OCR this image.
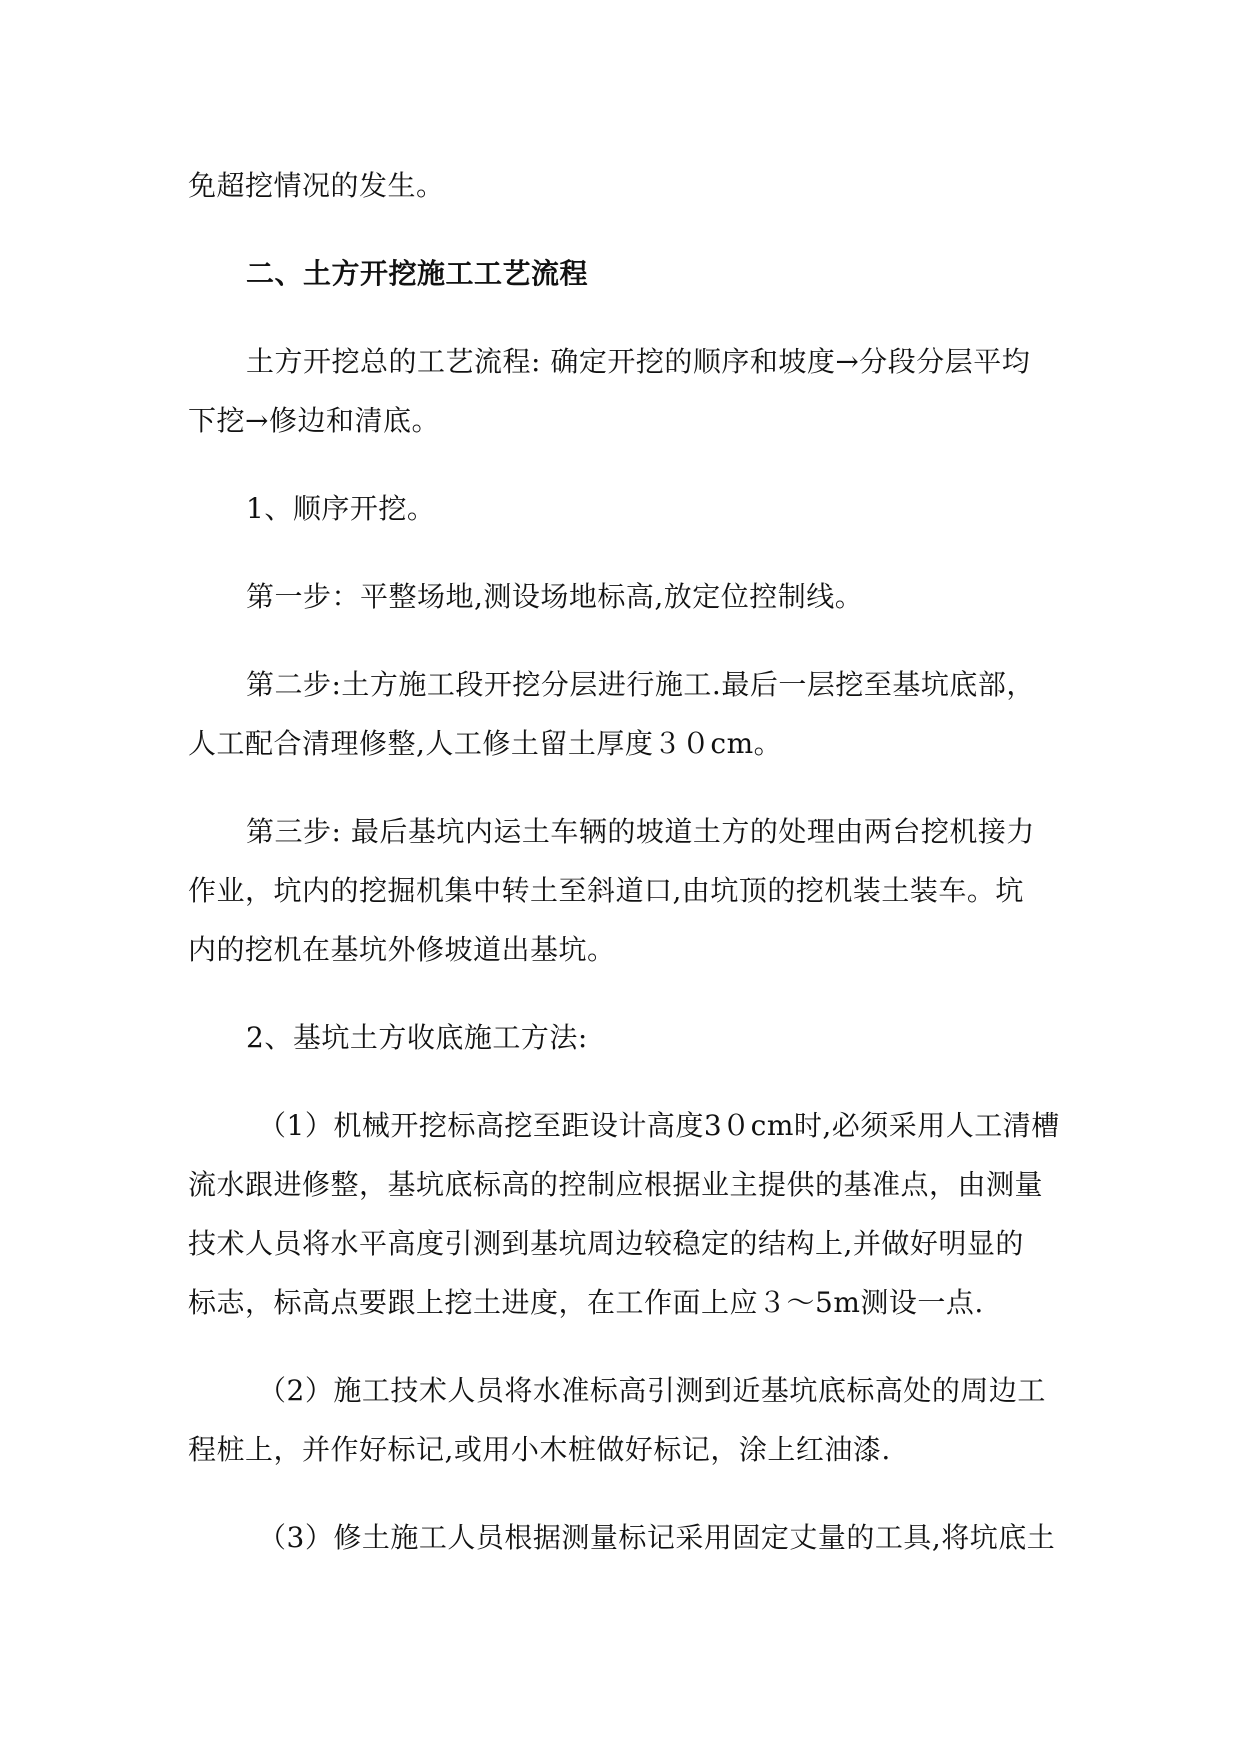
免超挖情况的发生。

二、土方开挖施工工艺流程

土方开挖总的工艺流程: 确定开挖的顺序和坡度→分段分层平均
下挖→修边和清底。

1、顺序开挖。

第一步：平整场地,测设场地标高,放定位控制线。

第二步:土方施工段开挖分层进行施工.最后一层挖至基坑底部，
人工配合清理修整,人工修土留土厚度３０cm。

第三步: 最后基坑内运土车辆的坡道土方的处理由两台挖机接力
作业，坑内的挖掘机集中转土至斜道口,由坑顶的挖机装土装车。坑
内的挖机在基坑外修坡道出基坑。

2、基坑土方收底施工方法:

（1）机械开挖标高挖至距设计高度3０cm时,必须采用人工清槽
流水跟进修整，基坑底标高的控制应根据业主提供的基准点，由测量
技术人员将水平高度引测到基坑周边较稳定的结构上,并做好明显的
标志，标高点要跟上挖土进度，在工作面上应３～5m测设一点.

（2）施工技术人员将水准标高引测到近基坑底标高处的周边工
程桩上，并作好标记,或用小木桩做好标记，涂上红油漆.

（3）修土施工人员根据测量标记采用固定丈量的工具,将坑底土
